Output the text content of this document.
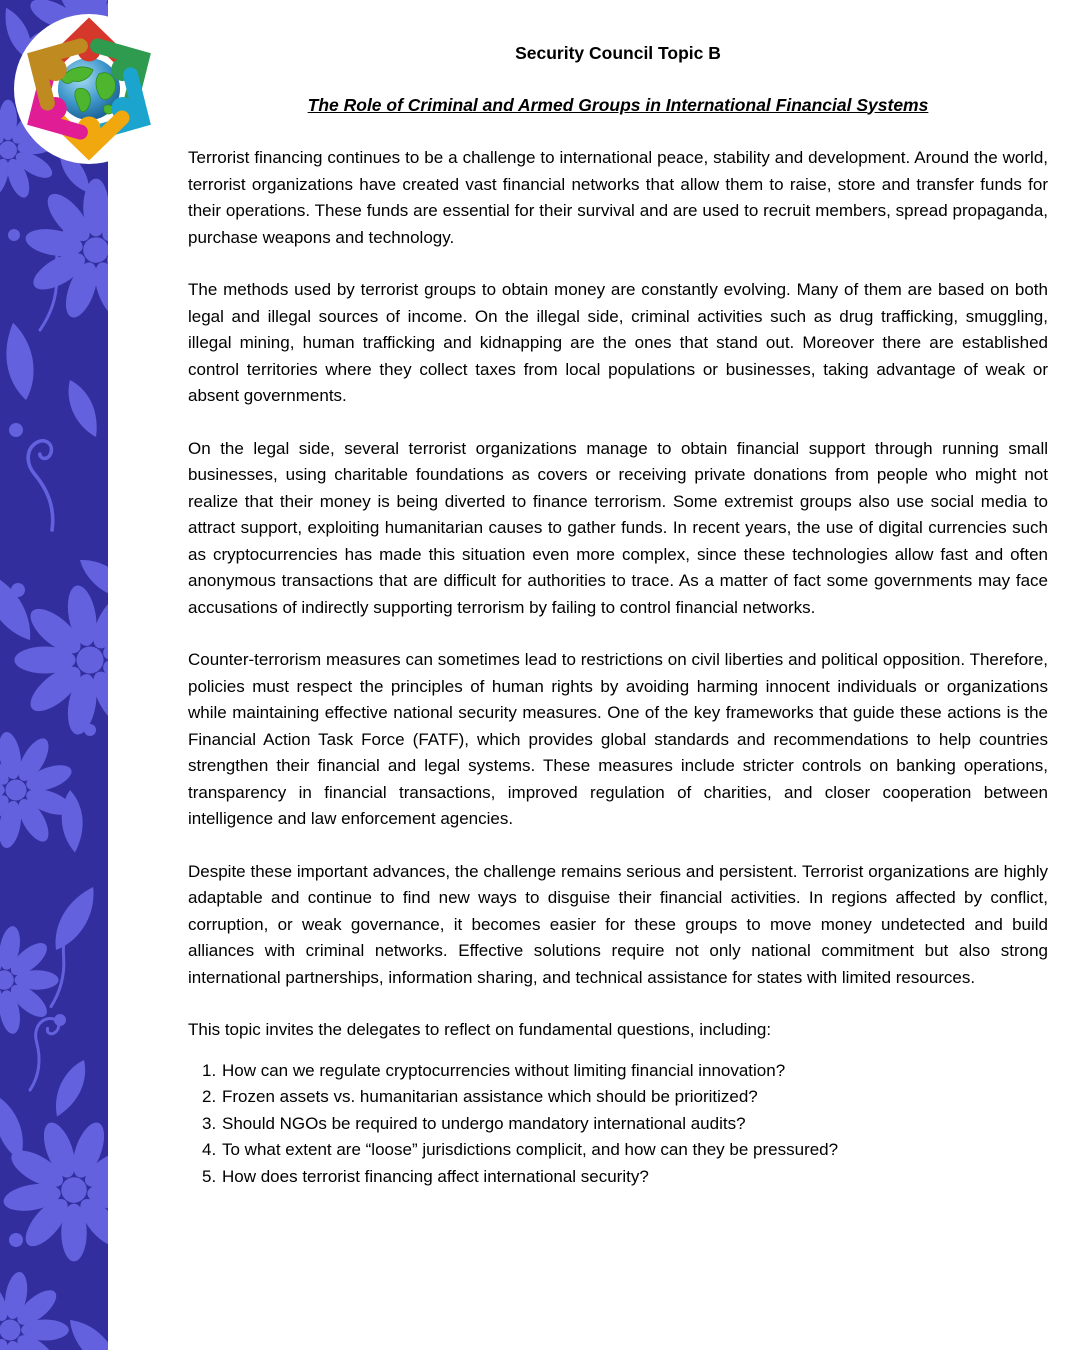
Security Council Topic B
The Role of Criminal and Armed Groups in International Financial Systems

Terrorist financing continues to be a challenge to international peace, stability and development. Around the world, terrorist organizations have created vast financial networks that allow them to raise, store and transfer funds for their operations. These funds are essential for their survival and are used to recruit members, spread propaganda, purchase weapons and technology.

The methods used by terrorist groups to obtain money are constantly evolving. Many of them are based on both legal and illegal sources of income. On the illegal side, criminal activities such as drug trafficking, smuggling, illegal mining, human trafficking and kidnapping are the ones that stand out. Moreover there are established control territories where they collect taxes from local populations or businesses, taking advantage of weak or absent governments.

On the legal side, several terrorist organizations manage to obtain financial support through running small businesses, using charitable foundations as covers or receiving private donations from people who might not realize that their money is being diverted to finance terrorism. Some extremist groups also use social media to attract support, exploiting humanitarian causes to gather funds. In recent years, the use of digital currencies such as cryptocurrencies has made this situation even more complex, since these technologies allow fast and often anonymous transactions that are difficult for authorities to trace. As a matter of fact some governments may face accusations of indirectly supporting terrorism by failing to control financial networks.

Counter-terrorism measures can sometimes lead to restrictions on civil liberties and political opposition. Therefore, policies must respect the principles of human rights by avoiding harming innocent individuals or organizations while maintaining effective national security measures. One of the key frameworks that guide these actions is the Financial Action Task Force (FATF), which provides global standards and recommendations to help countries strengthen their financial and legal systems. These measures include stricter controls on banking operations, transparency in financial transactions, improved regulation of charities, and closer cooperation between intelligence and law enforcement agencies.

Despite these important advances, the challenge remains serious and persistent. Terrorist organizations are highly adaptable and continue to find new ways to disguise their financial activities. In regions affected by conflict, corruption, or weak governance, it becomes easier for these groups to move money undetected and build alliances with criminal networks. Effective solutions require not only national commitment but also strong international partnerships, information sharing, and technical assistance for states with limited resources.

This topic invites the delegates to reflect on fundamental questions, including:

1. How can we regulate cryptocurrencies without limiting financial innovation?
2. Frozen assets vs. humanitarian assistance which should be prioritized?
3. Should NGOs be required to undergo mandatory international audits?
4. To what extent are “loose” jurisdictions complicit, and how can they be pressured?
5. How does terrorist financing affect international security?
